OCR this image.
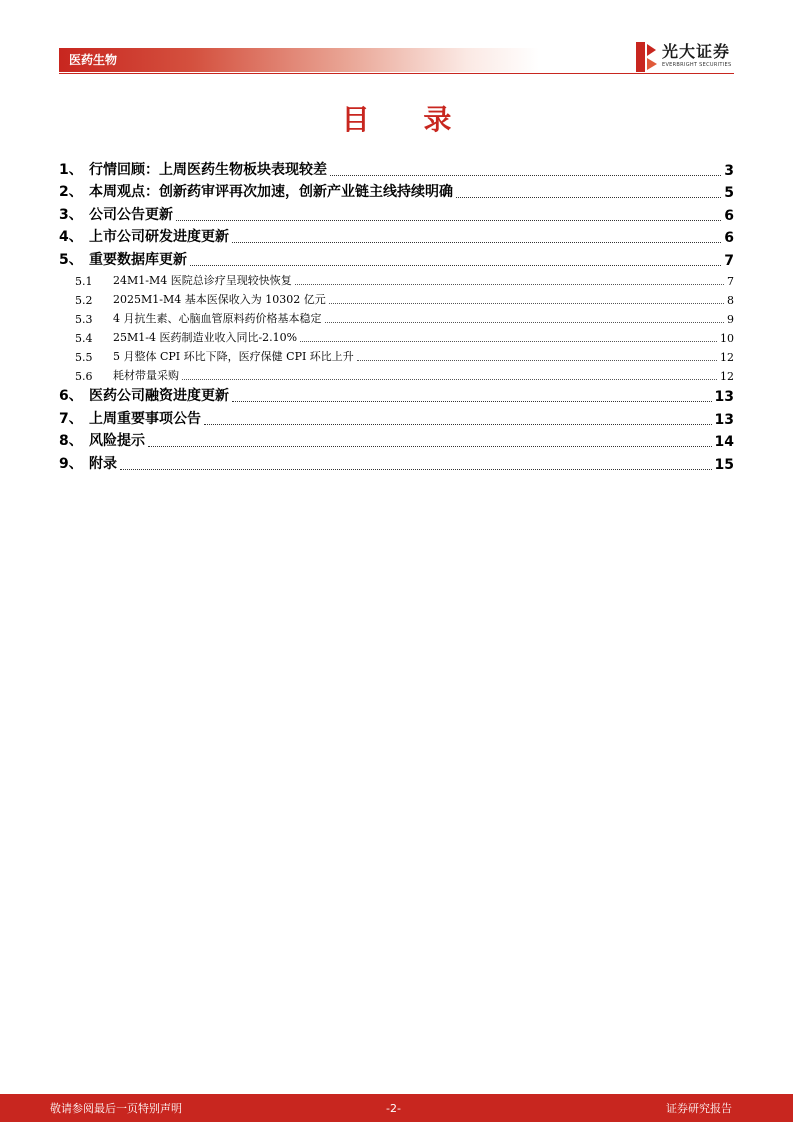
医药生物	光大证券
EVERBRIGHT SECURITIES
目 录
1、 行情回顾：上周医药生物板块表现较差	3
2、 本周观点：创新药审评再次加速，创新产业链主线持续明确	5
3、 公司公告更新	6
4、 上市公司研发进度更新	6
5、 重要数据库更新	7
5.1	24M1-M4 医院总诊疗呈现较快恢复	7
5.2	2025M1-M4 基本医保收入为 10302 亿元	8
5.3	4 月抗生素、心脑血管原料药价格基本稳定	9
5.4	25M1-4 医药制造业收入同比-2.10%	10
5.5	5 月整体 CPI 环比下降，医疗保健 CPI 环比上升	12
5.6	耗材带量采购	12
6、 医药公司融资进度更新	13
7、 上周重要事项公告	13
8、 风险提示	14
9、 附录	15
敬请参阅最后一页特别声明	-2-	证券研究报告
